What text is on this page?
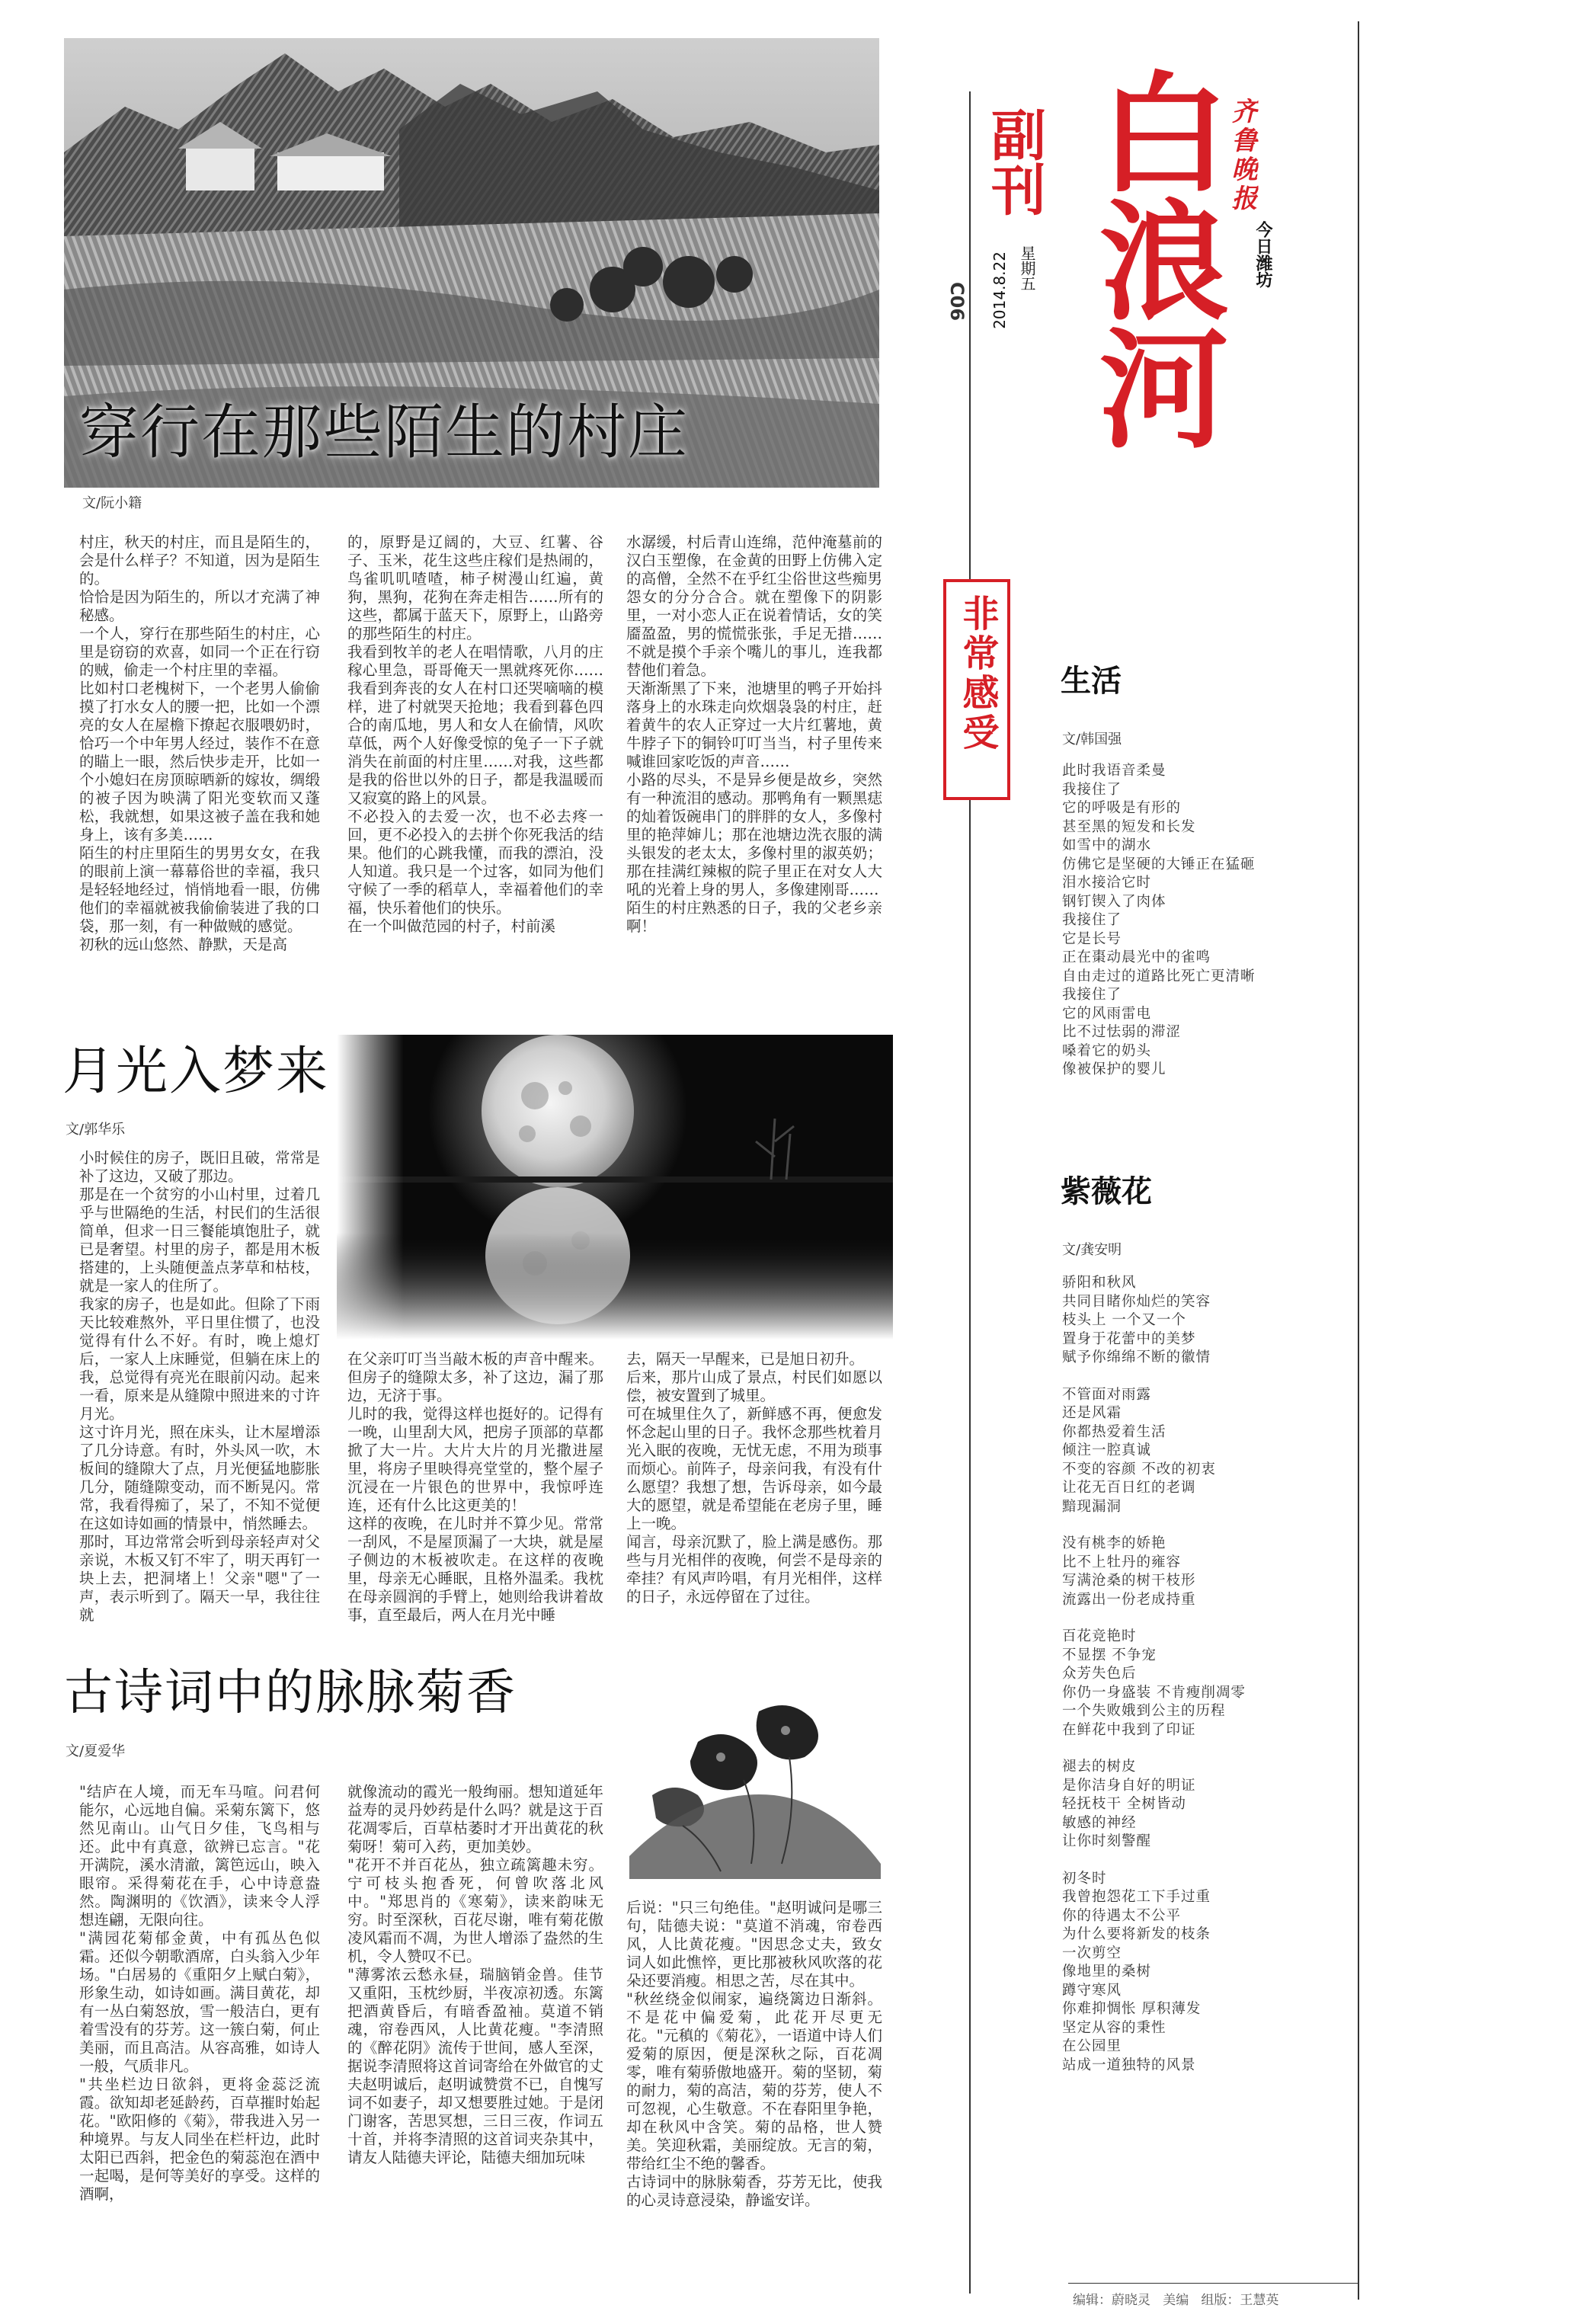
白浪河
副刊	齐鲁晚报
今日潍坊
星期五
2014.8.22
C06
非常感受
穿行在那些陌生的村庄
文/阮小籍
村庄，秋天的村庄，而且是陌生的，会是什么样子？不知道，因为是陌生的。
恰恰是因为陌生的，所以才充满了神秘感。
一个人，穿行在那些陌生的村庄，心里是窃窃的欢喜，如同一个正在行窃的贼，偷走一个村庄里的幸福。
比如村口老槐树下，一个老男人偷偷摸了打水女人的腰一把，比如一个漂亮的女人在屋檐下撩起衣服喂奶时，恰巧一个中年男人经过，装作不在意的瞄上一眼，然后快步走开，比如一个小媳妇在房顶晾晒新的嫁妆，绸缎的被子因为映满了阳光变软而又蓬松，我就想，如果这被子盖在我和她身上，该有多美……
陌生的村庄里陌生的男男女女，在我的眼前上演一幕幕俗世的幸福，我只是轻轻地经过，悄悄地看一眼，仿佛他们的幸福就被我偷偷装进了我的口袋，那一刻，有一种做贼的感觉。
初秋的远山悠然、静默，天是高
的，原野是辽阔的，大豆、红薯、谷子、玉米，花生这些庄稼们是热闹的，鸟雀叽叽喳喳，柿子树漫山红遍，黄狗，黑狗，花狗在奔走相告……所有的这些，都属于蓝天下，原野上，山路旁的那些陌生的村庄。
我看到牧羊的老人在唱情歌，八月的庄稼心里急，哥哥俺天一黑就疼死你……我看到奔丧的女人在村口还哭嘀嘀的模样，进了村就哭天抢地；我看到暮色四合的南瓜地，男人和女人在偷情，风吹草低，两个人好像受惊的兔子一下子就消失在前面的村庄里……对我，这些都是我的俗世以外的日子，都是我温暖而又寂寞的路上的风景。
不必投入的去爱一次，也不必去疼一回，更不必投入的去拼个你死我活的结果。他们的心跳我懂，而我的漂泊，没人知道。我只是一个过客，如同为他们守候了一季的稻草人，幸福着他们的幸福，快乐着他们的快乐。
在一个叫做范园的村子，村前溪
水潺缓，村后青山连绵，范仲淹墓前的汉白玉塑像，在金黄的田野上仿佛入定的高僧，全然不在乎红尘俗世这些痴男怨女的分分合合。就在塑像下的阴影里，一对小恋人正在说着情话，女的笑靥盈盈，男的慌慌张张，手足无措……不就是摸个手亲个嘴儿的事儿，连我都替他们着急。
天渐渐黑了下来，池塘里的鸭子开始抖落身上的水珠走向炊烟袅袅的村庄，赶着黄牛的农人正穿过一大片红薯地，黄牛脖子下的铜铃叮叮当当，村子里传来喊谁回家吃饭的声音……
小路的尽头，不是异乡便是故乡，突然有一种流泪的感动。那鸭角有一颗黑痣的灿着饭碗串门的胖胖的女人，多像村里的艳萍婶儿；那在池塘边洗衣服的满头银发的老太太，多像村里的淑英奶；那在挂满红辣椒的院子里正在对女人大吼的光着上身的男人，多像建刚哥……
陌生的村庄熟悉的日子，我的父老乡亲啊！
月光入梦来
文/郭华乐
小时候住的房子，既旧且破，常常是补了这边，又破了那边。
那是在一个贫穷的小山村里，过着几乎与世隔绝的生活，村民们的生活很简单，但求一日三餐能填饱肚子，就已是奢望。村里的房子，都是用木板搭建的，上头随便盖点茅草和枯枝，就是一家人的住所了。
我家的房子，也是如此。但除了下雨天比较难熬外，平日里住惯了，也没觉得有什么不好。有时，晚上熄灯后，一家人上床睡觉，但躺在床上的我，总觉得有亮光在眼前闪动。起来一看，原来是从缝隙中照进来的寸许月光。
这寸许月光，照在床头，让木屋增添了几分诗意。有时，外头风一吹，木板间的缝隙大了点，月光便猛地膨胀几分，随缝隙变动，而不断晃闪。常常，我看得痴了，呆了，不知不觉便在这如诗如画的情景中，悄然睡去。
那时，耳边常常会听到母亲轻声对父亲说，木板又钉不牢了，明天再钉一块上去，把洞堵上！父亲"嗯"了一声，表示听到了。隔天一早，我往往就
在父亲叮叮当当敲木板的声音中醒来。但房子的缝隙太多，补了这边，漏了那边，无济于事。
儿时的我，觉得这样也挺好的。记得有一晚，山里刮大风，把房子顶部的草都掀了大一片。大片大片的月光撒进屋里，将房子里映得亮堂堂的，整个屋子沉浸在一片银色的世界中，我惊呼连连，还有什么比这更美的！
这样的夜晚，在儿时并不算少见。常常一刮风，不是屋顶漏了一大块，就是屋子侧边的木板被吹走。在这样的夜晚里，母亲无心睡眠，且格外温柔。我枕在母亲圆润的手臂上，她则给我讲着故事，直至最后，两人在月光中睡
去，隔天一早醒来，已是旭日初升。
后来，那片山成了景点，村民们如愿以偿，被安置到了城里。
可在城里住久了，新鲜感不再，便愈发怀念起山里的日子。我怀念那些枕着月光入眠的夜晚，无忧无虑，不用为琐事而烦心。前阵子，母亲问我，有没有什么愿望？我想了想，告诉母亲，如今最大的愿望，就是希望能在老房子里，睡上一晚。
闻言，母亲沉默了，脸上满是感伤。那些与月光相伴的夜晚，何尝不是母亲的牵挂？有风声吟唱，有月光相伴，这样的日子，永远停留在了过往。
古诗词中的脉脉菊香
文/夏爱华
"结庐在人境，而无车马喧。问君何能尔，心远地自偏。采菊东篱下，悠然见南山。山气日夕佳，飞鸟相与还。此中有真意，欲辨已忘言。"花开满院，溪水清澈，篱笆远山，映入眼帘。采得菊花在手，心中诗意盎然。陶渊明的《饮酒》，读来令人浮想连翩，无限向往。
"满园花菊郁金黄，中有孤丛色似霜。还似今朝歌酒席，白头翁入少年场。"白居易的《重阳夕上赋白菊》，形象生动，如诗如画。满目黄花，却有一丛白菊怒放，雪一般洁白，更有着雪没有的芬芳。这一簇白菊，何止美丽，而且高洁。从容高雅，如诗人一般，气质非凡。
"共坐栏边日欲斜，更将金蕊泛流霞。欲知却老延龄药，百草摧时始起花。"欧阳修的《菊》，带我进入另一种境界。与友人同坐在栏杆边，此时太阳已西斜，把金色的菊蕊泡在酒中一起喝，是何等美好的享受。这样的酒啊，
就像流动的霞光一般绚丽。想知道延年益寿的灵丹妙药是什么吗？就是这于百花凋零后，百草枯萎时才开出黄花的秋菊呀！菊可入药，更加美妙。
"花开不并百花丛，独立疏篱趣未穷。宁可枝头抱香死，何曾吹落北风中。"郑思肖的《寒菊》，读来韵味无穷。时至深秋，百花尽谢，唯有菊花傲凌风霜而不凋，为世人增添了盎然的生机，令人赞叹不已。
"薄雾浓云愁永昼，瑞脑销金兽。佳节又重阳，玉枕纱厨，半夜凉初透。东篱把酒黄昏后，有暗香盈袖。莫道不销魂，帘卷西风，人比黄花瘦。"李清照的《醉花阴》流传于世间，感人至深，据说李清照将这首词寄给在外做官的丈夫赵明诚后，赵明诚赞赏不已，自愧写词不如妻子，却又想要胜过她。于是闭门谢客，苦思冥想，三日三夜，作词五十首，并将李清照的这首词夹杂其中，请友人陆德夫评论，陆德夫细加玩味
后说："只三句绝佳。"赵明诚问是哪三句，陆德夫说："莫道不消魂，帘卷西风，人比黄花瘦。"因思念丈夫，致女词人如此憔悴，更比那被秋风吹落的花朵还要消瘦。相思之苦，尽在其中。
"秋丝绕金似闹家，遍绕篱边日渐斜。不是花中偏爱菊，此花开尽更无花。"元稹的《菊花》，一语道中诗人们爱菊的原因，便是深秋之际，百花凋零，唯有菊骄傲地盛开。菊的坚韧，菊的耐力，菊的高洁，菊的芬芳，使人不可忽视，心生敬意。不在春阳里争艳，却在秋风中含笑。菊的品格，世人赞美。笑迎秋霜，美丽绽放。无言的菊，带给红尘不绝的馨香。
古诗词中的脉脉菊香，芬芳无比，使我的心灵诗意浸染，静谧安详。
生活
文/韩国强
此时我语音柔曼
我接住了
它的呼吸是有形的
甚至黑的短发和长发
如雪中的湖水
仿佛它是坚硬的大锤正在猛砸
泪水接洽它时
钢钉锲入了肉体
我接住了
它是长号
正在棗动晨光中的雀鸣
自由走过的道路比死亡更清晰
我接住了
它的风雨雷电
比不过怯弱的滞涩
嗓着它的奶头
像被保护的婴儿
紫薇花
文/龚安明
骄阳和秋风
共同目睹你灿烂的笑容
枝头上 一个又一个
置身于花蕾中的美梦
赋予你绵绵不断的徽情
不管面对雨露
还是风霜
你都热爱着生活
倾注一腔真诚
不变的容颜 不改的初衷
让花无百日红的老调
黯现漏洞
没有桃李的娇艳
比不上牡丹的雍容
写满沧桑的树干枝形
流露出一份老成持重
百花竞艳时
不显摆 不争宠
众芳失色后
你仍一身盛装 不肯瘦削凋零
一个失败娥到公主的历程
在鲜花中我到了印证
褪去的树皮
是你洁身自好的明证
轻抚枝干 全树皆动
敏感的神经
让你时刻警醒
初冬时
我曾抱怨花工下手过重
你的待遇太不公平
为什么要将新发的枝条
一次剪空
像地里的桑树
蹲守寒风
你难抑惆怅 厚积薄发
坚定从容的秉性
在公园里
站成一道独特的风景
编辑：蔚晓灵   美编   组版：王慧英
